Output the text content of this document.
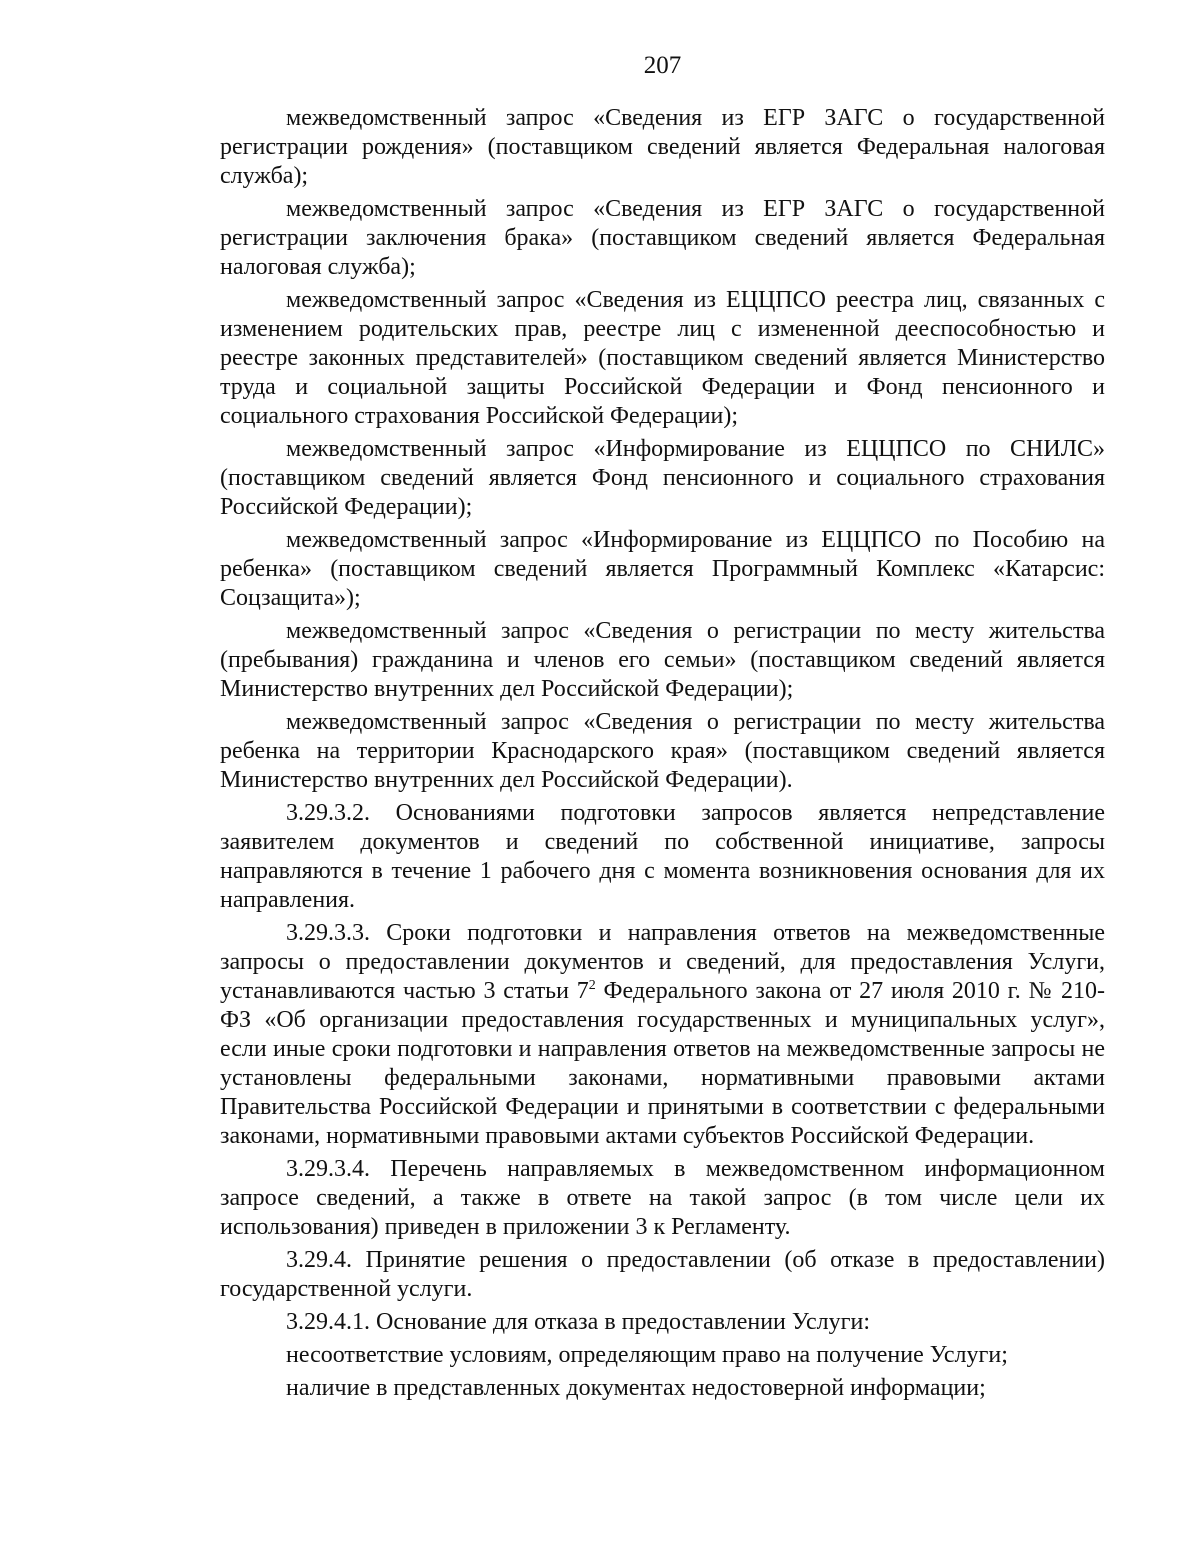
207

межведомственный запрос «Сведения из ЕГР ЗАГС о государственной регистрации рождения» (поставщиком сведений является Федеральная налоговая служба);

межведомственный запрос «Сведения из ЕГР ЗАГС о государственной регистрации заключения брака» (поставщиком сведений является Федеральная налоговая служба);

межведомственный запрос «Сведения из ЕЦЦПСО реестра лиц, связанных с изменением родительских прав, реестре лиц с измененной дееспособностью и реестре законных представителей» (поставщиком сведений является Министерство труда и социальной защиты Российской Федерации и Фонд пенсионного и социального страхования Российской Федерации);

межведомственный запрос «Информирование из ЕЦЦПСО по СНИЛС» (поставщиком сведений является Фонд пенсионного и социального страхования Российской Федерации);

межведомственный запрос «Информирование из ЕЦЦПСО по Пособию на ребенка» (поставщиком сведений является Программный Комплекс «Катарсис: Соцзащита»);

межведомственный запрос «Сведения о регистрации по месту жительства (пребывания) гражданина и членов его семьи» (поставщиком сведений является Министерство внутренних дел Российской Федерации);

межведомственный запрос «Сведения о регистрации по месту жительства ребенка на территории Краснодарского края» (поставщиком сведений является Министерство внутренних дел Российской Федерации).

3.29.3.2. Основаниями подготовки запросов является непредставление заявителем документов и сведений по собственной инициативе, запросы направляются в течение 1 рабочего дня с момента возникновения основания для их направления.

3.29.3.3. Сроки подготовки и направления ответов на межведомственные запросы о предоставлении документов и сведений, для предоставления Услуги, устанавливаются частью 3 статьи $7^2$ Федерального закона от 27 июля 2010 г. № 210-ФЗ «Об организации предоставления государственных и муниципальных услуг», если иные сроки подготовки и направления ответов на межведомственные запросы не установлены федеральными законами, нормативными правовыми актами Правительства Российской Федерации и принятыми в соответствии с федеральными законами, нормативными правовыми актами субъектов Российской Федерации.

3.29.3.4. Перечень направляемых в межведомственном информационном запросе сведений, а также в ответе на такой запрос (в том числе цели их использования) приведен в приложении 3 к Регламенту.

3.29.4. Принятие решения о предоставлении (об отказе в предоставлении) государственной услуги.

3.29.4.1. Основание для отказа в предоставлении Услуги:

несоответствие условиям, определяющим право на получение Услуги;

наличие в представленных документах недостоверной информации;
